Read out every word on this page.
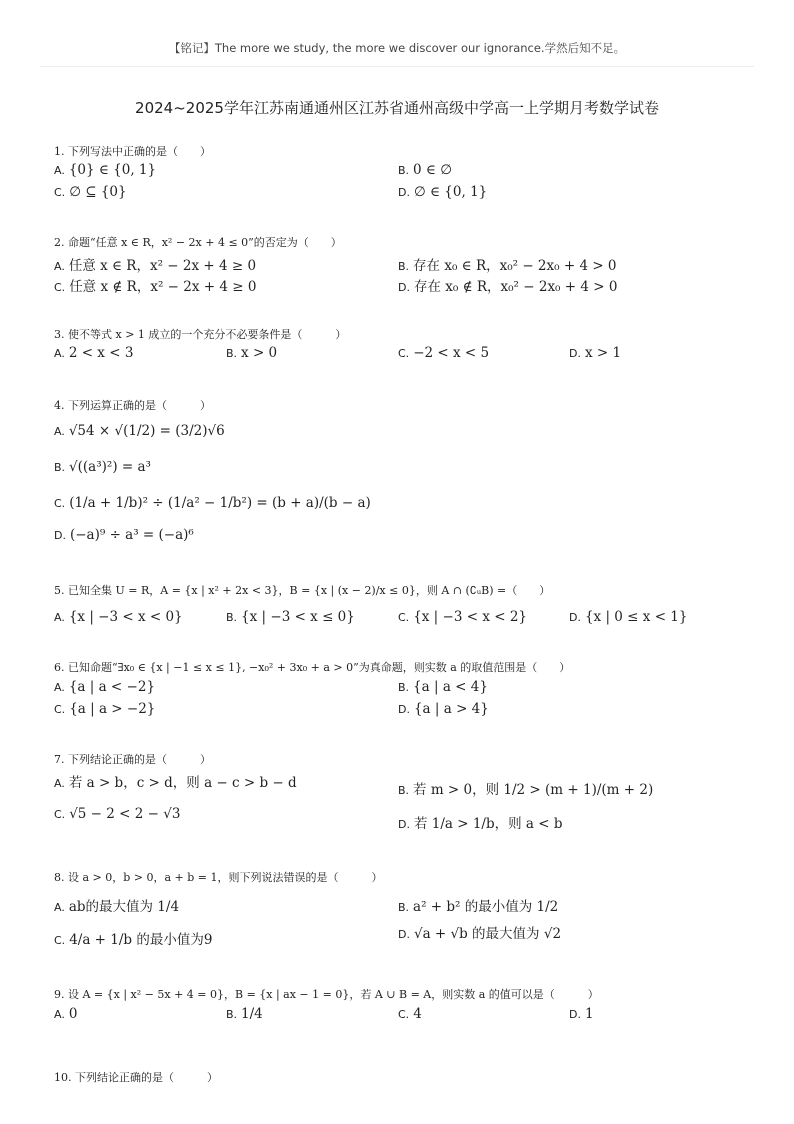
【铭记】The more we study, the more we discover our ignorance.学然后知不足。
2024~2025学年江苏南通通州区江苏省通州高级中学高一上学期月考数学试卷
1. 下列写法中正确的是（　　）
A. {0} ∈ {0, 1}	B. 0 ∈ ∅
C. ∅ ⊆ {0}	D. ∅ ∈ {0, 1}
2. 命题“任意 x ∈ R，x² − 2x + 4 ≤ 0”的否定为（　　）
A. 任意 x ∈ R，x² − 2x + 4 ≥ 0	B. 存在 x₀ ∈ R，x₀² − 2x₀ + 4 > 0
C. 任意 x ∉ R，x² − 2x + 4 ≥ 0	D. 存在 x₀ ∉ R，x₀² − 2x₀ + 4 > 0
3. 使不等式 x > 1 成立的一个充分不必要条件是（　　　）
A. 2 < x < 3	B. x > 0	C. −2 < x < 5	D. x > 1
4. 下列运算正确的是（　　　）
A. √54 × √(1/2) = (3/2)√6
B. √((a³)²) = a³
C. (1/a + 1/b)² ÷ (1/a² − 1/b²) = (b + a)/(b − a)
D. (−a)⁹ ÷ a³ = (−a)⁶
5. 已知全集 U = R，A = {x | x² + 2x < 3}，B = {x | (x − 2)/x ≤ 0}，则 A ∩ (∁ᵤB) =（　　）
A. {x | −3 < x < 0}	B. {x | −3 < x ≤ 0}	C. {x | −3 < x < 2}	D. {x | 0 ≤ x < 1}
6. 已知命题“∃x₀ ∈ {x | −1 ≤ x ≤ 1}, −x₀² + 3x₀ + a > 0”为真命题，则实数 a 的取值范围是（　　）
A. {a | a < −2}	B. {a | a < 4}
C. {a | a > −2}	D. {a | a > 4}
7. 下列结论正确的是（　　　）
A. 若 a > b，c > d，则 a − c > b − d	B. 若 m > 0，则 1/2 > (m + 1)/(m + 2)
C. √5 − 2 < 2 − √3
D. 若 1/a > 1/b，则 a < b
8. 设 a > 0，b > 0，a + b = 1，则下列说法错误的是（　　　）
A. ab的最大值为 1/4	B. a² + b² 的最小值为 1/2
C. 4/a + 1/b 的最小值为9	D. √a + √b 的最大值为 √2
9. 设 A = {x | x² − 5x + 4 = 0}，B = {x | ax − 1 = 0}，若 A ∪ B = A，则实数 a 的值可以是（　　　）
A. 0	B. 1/4	C. 4	D. 1
10. 下列结论正确的是（　　　）
